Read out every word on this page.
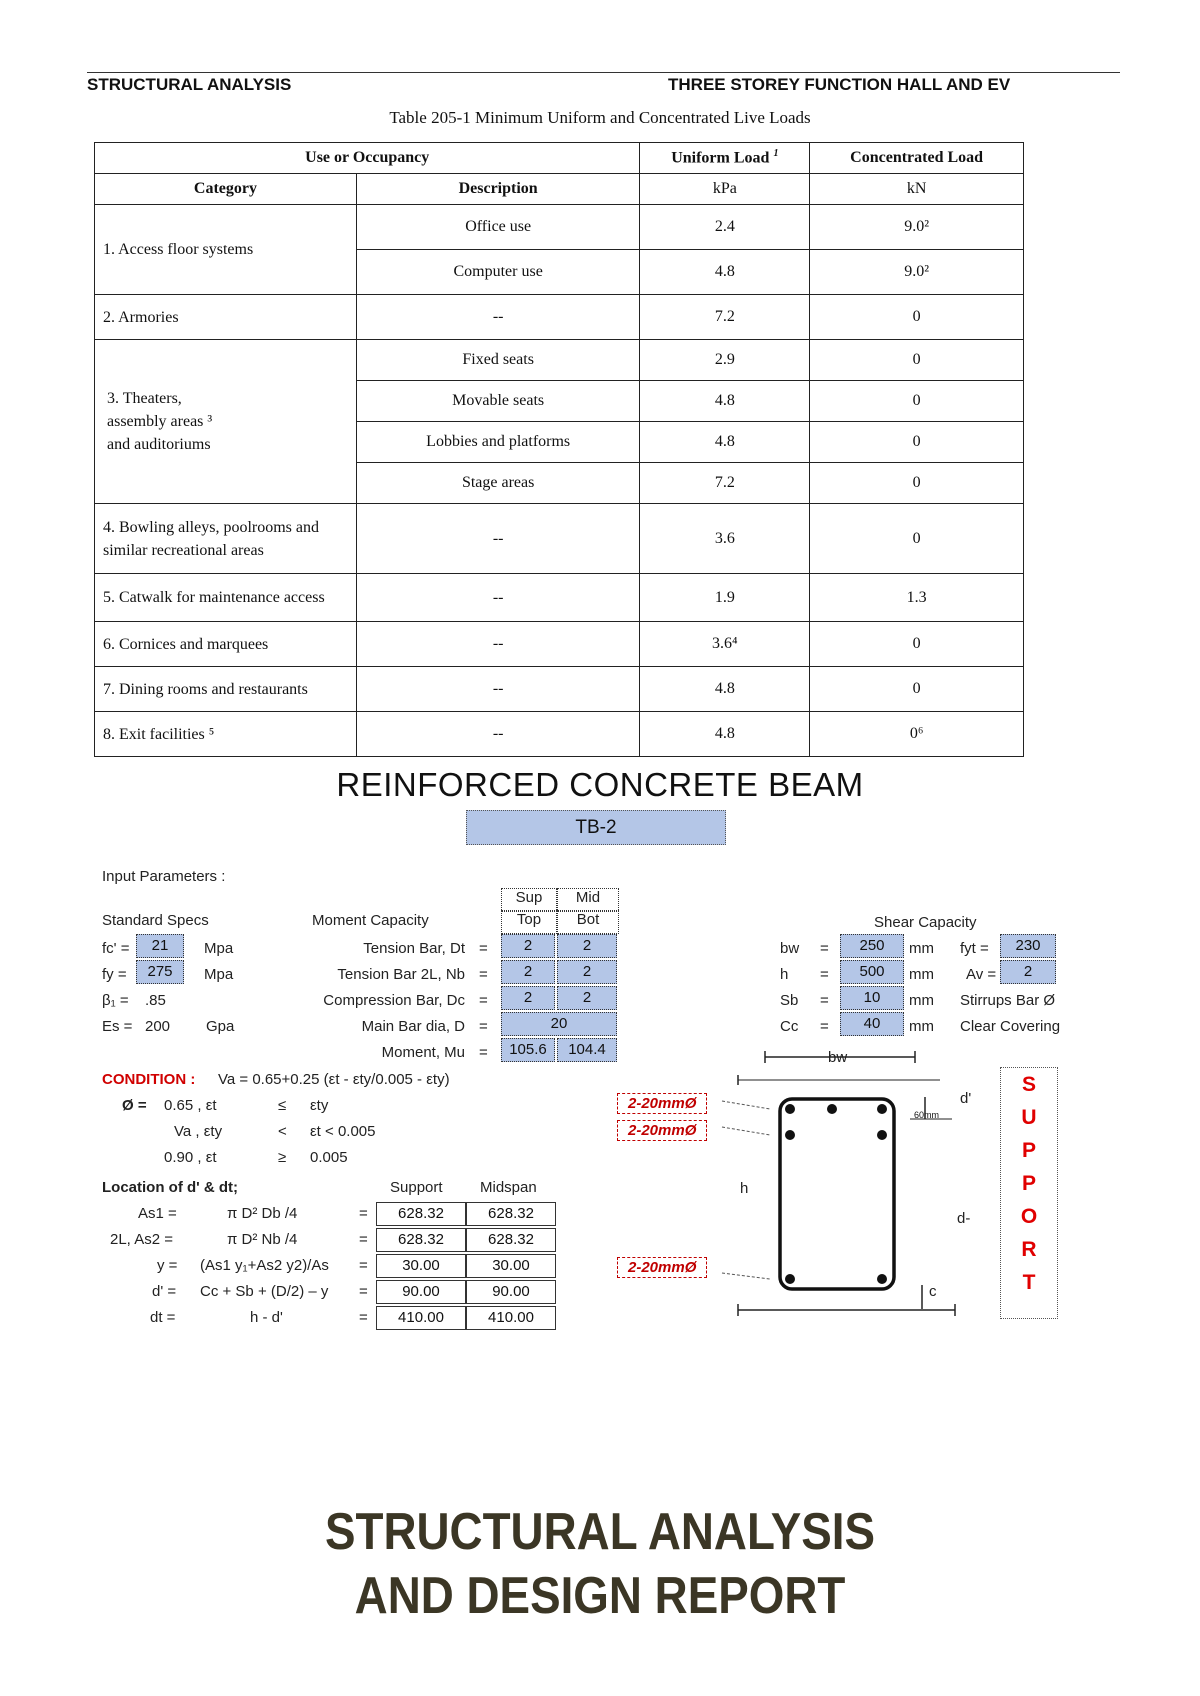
STRUCTURAL ANALYSIS	THREE STOREY FUNCTION HALL AND EV
Table 205-1 Minimum Uniform and Concentrated Live Loads
Use or Occupancy		Uniform Load $^1$	Concentrated Load
Category	Description	kPa	kN
1. Access floor systems	Office use	2.4	9.0²
	Computer use	4.8	9.0²
2. Armories	--	7.2	0
3. Theaters, assembly areas ³ and auditoriums	Fixed seats	2.9	0
	Movable seats	4.8	0
	Lobbies and platforms	4.8	0
	Stage areas	7.2	0
4. Bowling alleys, poolrooms and similar recreational areas	--	3.6	0
5. Catwalk for maintenance access	--	1.9	1.3
6. Cornices and marquees	--	3.6⁴	0
7. Dining rooms and restaurants	--	4.8	0
8. Exit facilities ⁵	--	4.8	0⁶
REINFORCED CONCRETE BEAM
TB-2
Input Parameters :
Standard Specs	Moment Capacity	Shear Capacity
Sup	Mid
Top	Bot
fc' =	21	Mpa
fy =	275	Mpa
β₁ = .85
Es = 200 Gpa
Tension Bar, Dt =	2	2
Tension Bar 2L, Nb =	2	2
Compression Bar, Dc =	2	2
Main Bar dia, D =	20
Moment, Mu =	105.6	104.4
bw =	250	mm fyt =	230
h =	500	mm Av =	2
Sb =	10	mm Stirrups Bar Ø
Cc =	40	mm Clear Covering
CONDITION : Va = 0.65+0.25 (εt - εty/0.005 - εty)
Ø = 0.65 , εt	≤ εty
Va , εty	< εt < 0.005
0.90 , εt	≥ 0.005
Location of d' & dt;	Support Midspan
As1 =	π D² Db /4	=	628.32	628.32
2L, As2 =	π D² Nb /4	=	628.32	628.32
y = (As1 y₁+As2 y2)/As =	30.00	30.00
d' = Cc + Sb + (D/2) – y =	90.00	90.00
dt =	h - d'	=	410.00	410.00
2-20mmØ
2-20mmØ
2-20mmØ
bw
h
d-
d'
60mm
c
S
U
P
P
O
R
T
STRUCTURAL ANALYSIS
AND DESIGN REPORT
